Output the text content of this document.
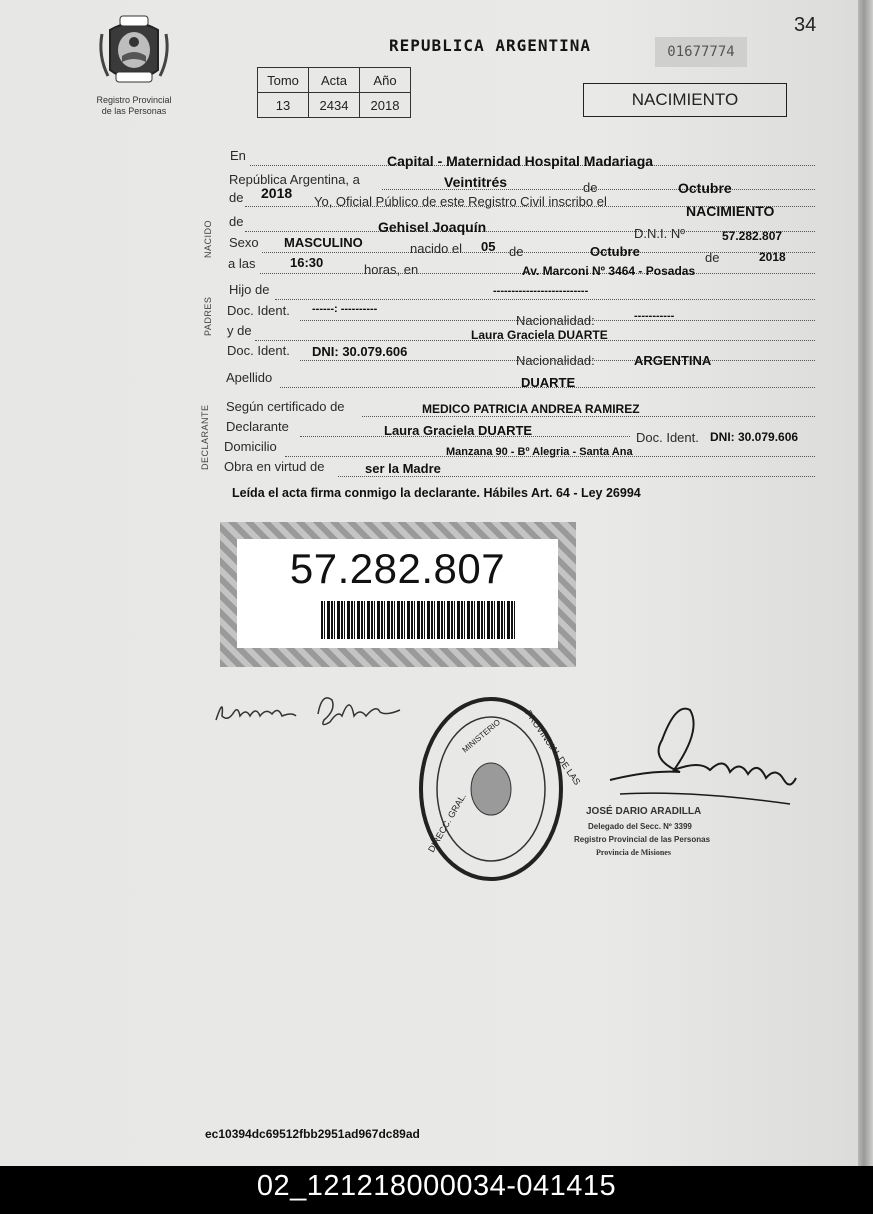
Registro Provincial
de las Personas
REPUBLICA ARGENTINA	01677774
34
Tomo	Acta	Año
13	2434	2018	NACIMIENTO
NACIDO
PADRES
DECLARANTE
En	Capital - Maternidad Hospital Madariaga
República Argentina, a	Veintitrés	de	Octubre
de 2018
Yo, Oficial Público de este Registro Civil inscribo el
NACIMIENTO
de	Gehisel Joaquín	D.N.I. Nº	57.282.807
Sexo MASCULINO	nacido el 05 de	Octubre	de	2018
a las	16:30	horas, en	Av. Marconi Nº 3464 - Posadas
Hijo de	--------------------------
Doc. Ident. ------: ----------
Nacionalidad:	-----------
y de	Laura Graciela DUARTE
Doc. Ident. DNI: 30.079.606
Nacionalidad:	ARGENTINA
Apellido	DUARTE
Según certificado de	MEDICO PATRICIA ANDREA RAMIREZ
Declarante	Laura Graciela DUARTE	Doc. Ident. DNI: 30.079.606
Domicilio	Manzana 90 - Bº Alegria - Santa Ana
Obra en virtud de	ser la Madre
Leída el acta firma conmigo la declarante. Hábiles Art. 64 - Ley 26994
57.282.807
DIRECC. GRAL.
PROVINCIAL DE LAS
MINISTERIO
JOSÉ DARIO ARADILLA
Delegado del Secc. Nº 3399
Registro Provincial de las Personas
Provincia de Misiones
ec10394dc69512fbb2951ad967dc89ad
02_121218000034-041415
